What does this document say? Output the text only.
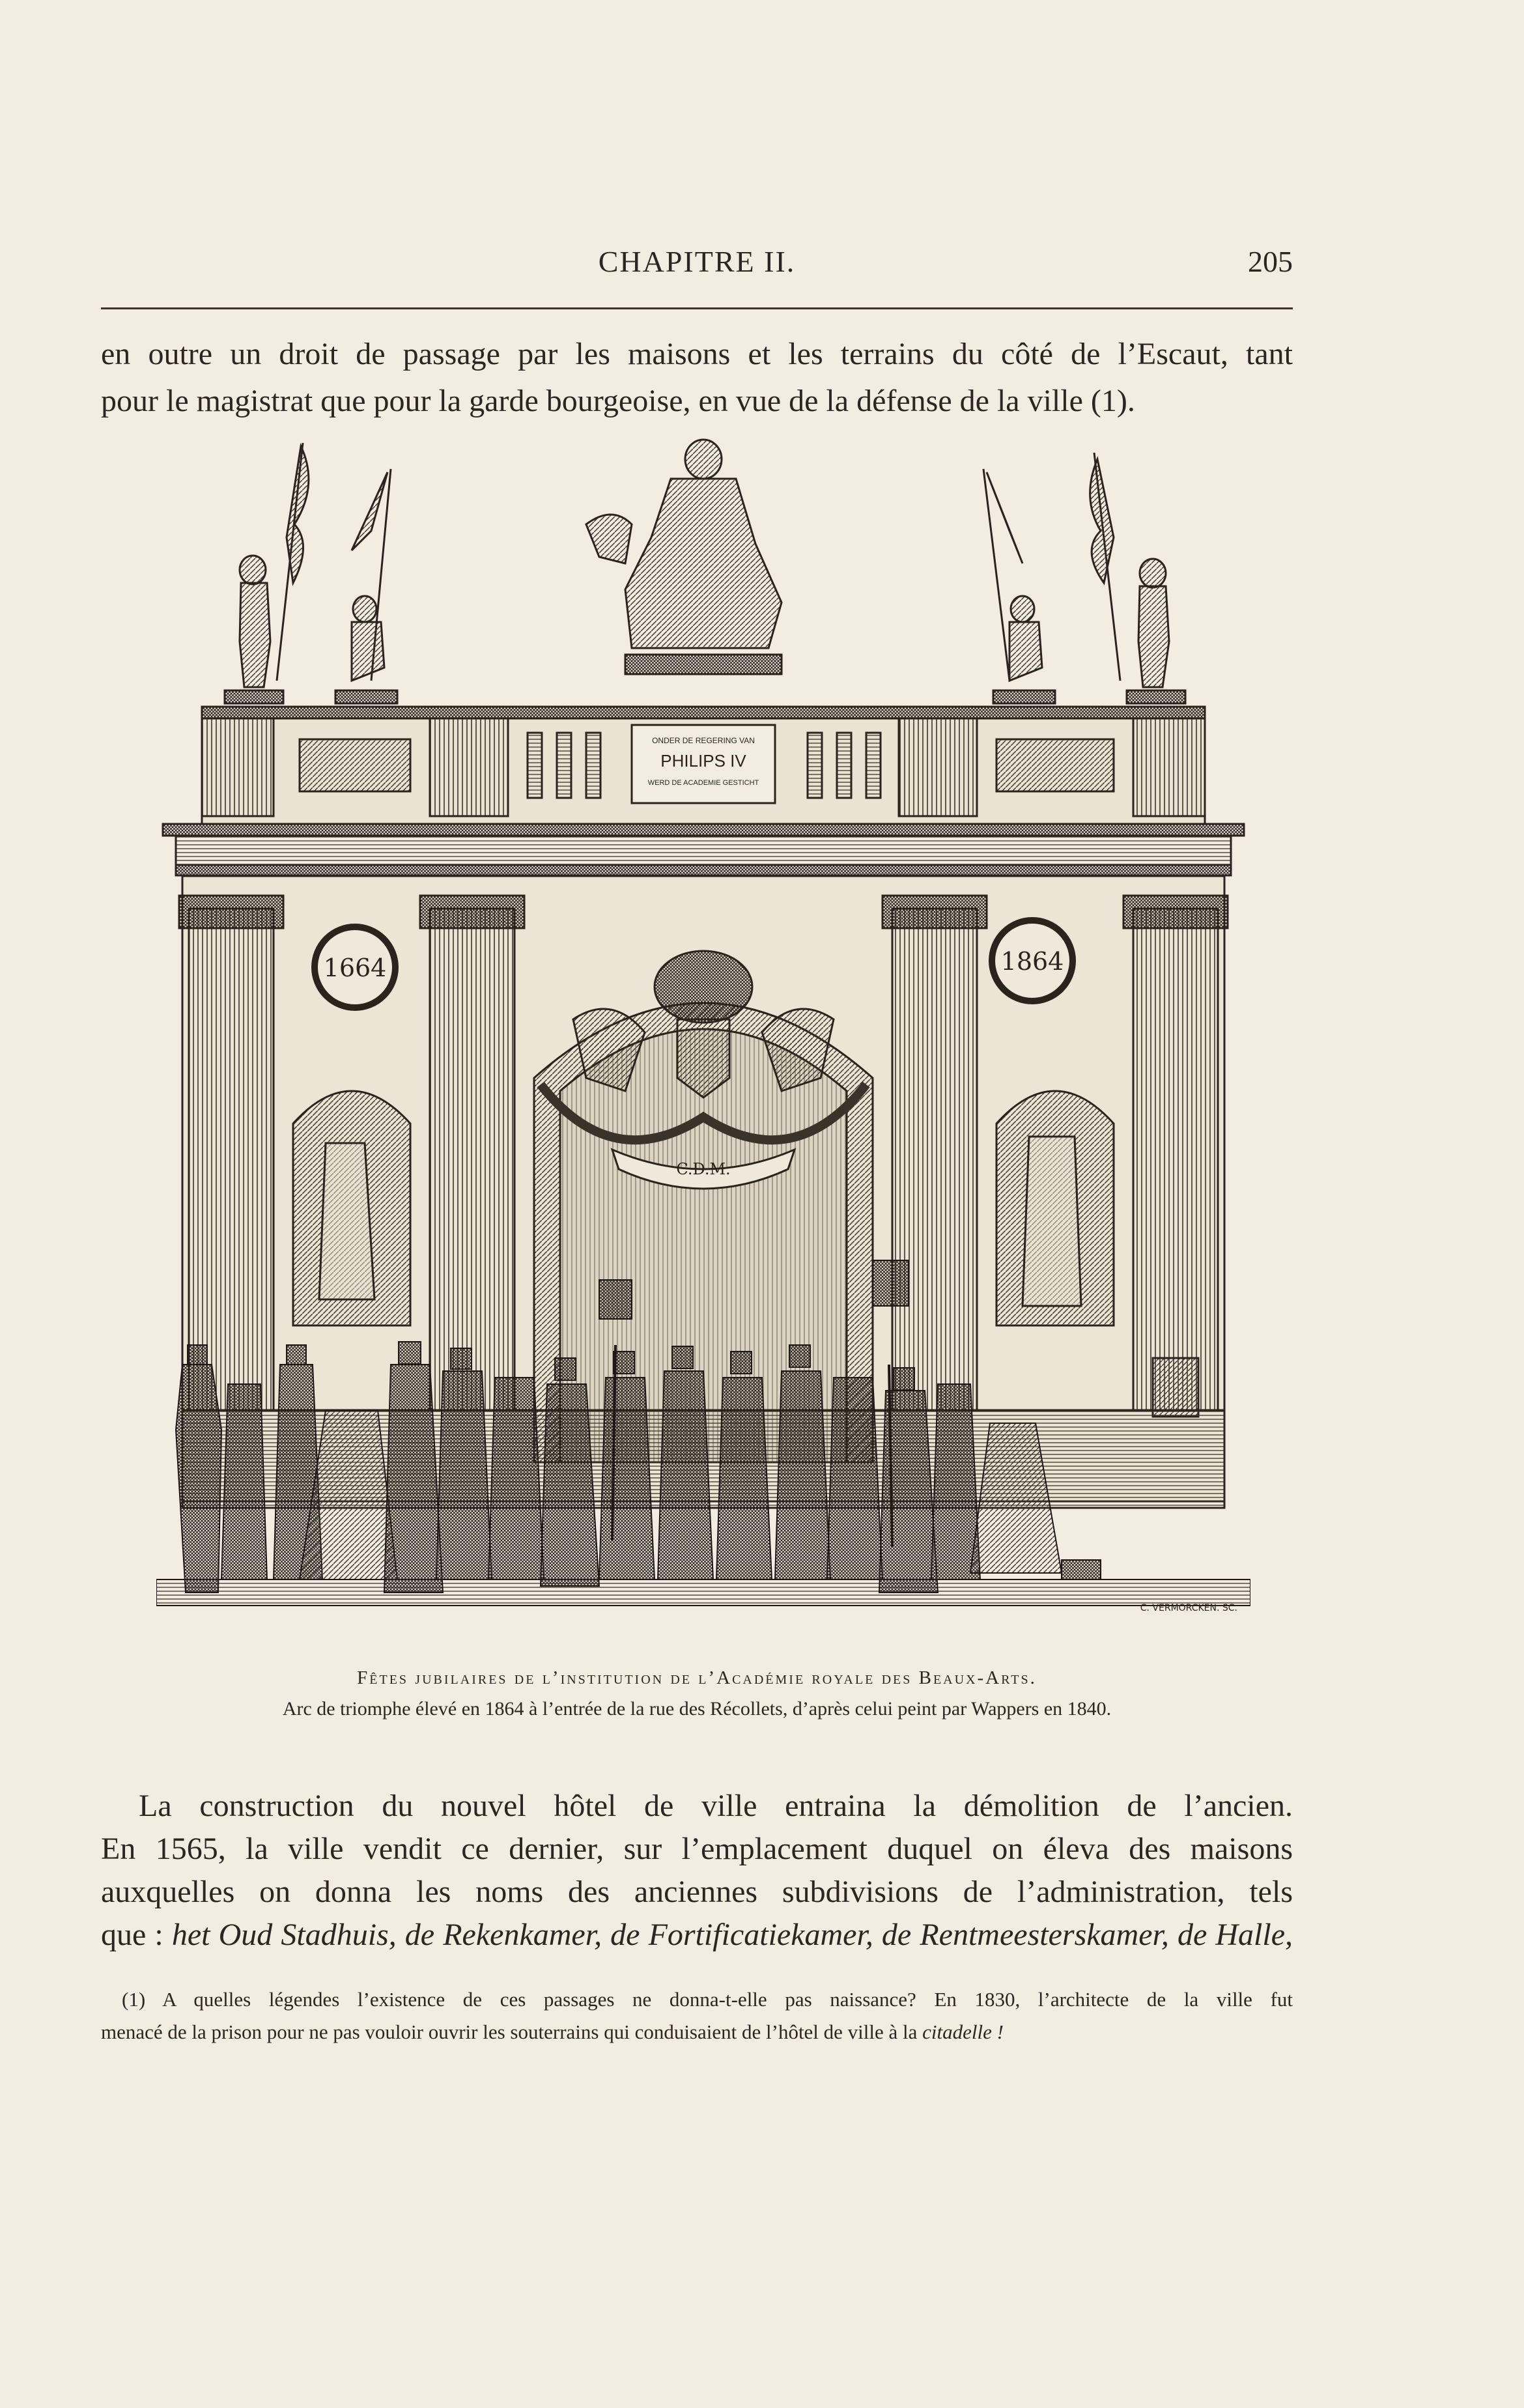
CHAPITRE II.	205
en outre un droit de passage par les maisons et les terrains du côté de l’Escaut, tant
pour le magistrat que pour la garde bourgeoise, en vue de la défense de la ville (1).
ONDER DE REGERING VAN
PHILIPS IV
WERD DE ACADEMIE GESTICHT
1664	1864
C.D.M.
C. VERMORCKEN. SC.
Fêtes jubilaires de l’institution de l’Académie royale des Beaux-Arts.
Arc de triomphe élevé en 1864 à l’entrée de la rue des Récollets, d’après celui peint par Wappers en 1840.
La construction du nouvel hôtel de ville entraina la démolition de l’ancien.
En 1565, la ville vendit ce dernier, sur l’emplacement duquel on éleva des maisons
auxquelles on donna les noms des anciennes subdivisions de l’administration, tels
que : het Oud Stadhuis, de Rekenkamer, de Fortificatiekamer, de Rentmeesterskamer, de Halle,
(1) A quelles légendes l’existence de ces passages ne donna-t-elle pas naissance? En 1830, l’architecte de la ville fut
menacé de la prison pour ne pas vouloir ouvrir les souterrains qui conduisaient de l’hôtel de ville à la citadelle !
